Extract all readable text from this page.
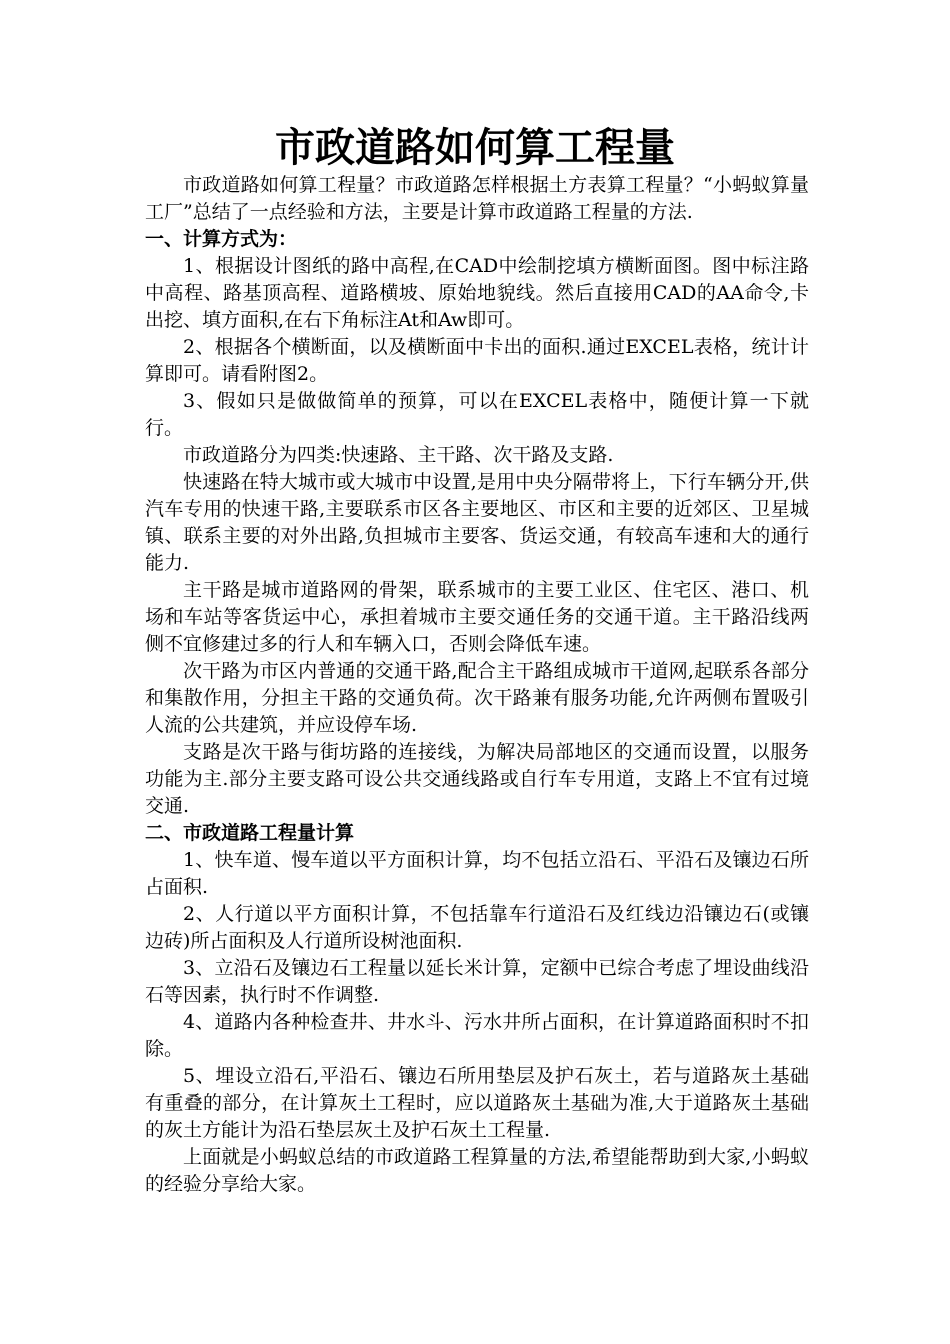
市政道路如何算工程量

市政道路如何算工程量？市政道路怎样根据土方表算工程量？“小蚂蚁算量工厂”总结了一点经验和方法，主要是计算市政道路工程量的方法.

一、计算方式为：

1、根据设计图纸的路中高程,在CAD中绘制挖填方横断面图。图中标注路中高程、路基顶高程、道路横坡、原始地貌线。然后直接用CAD的AA命令,卡出挖、填方面积,在右下角标注At和Aw即可。

2、根据各个横断面，以及横断面中卡出的面积.通过EXCEL表格，统计计算即可。请看附图2。

3、假如只是做做简单的预算，可以在EXCEL表格中，随便计算一下就行。

市政道路分为四类:快速路、主干路、次干路及支路.

快速路在特大城市或大城市中设置,是用中央分隔带将上，下行车辆分开,供汽车专用的快速干路,主要联系市区各主要地区、市区和主要的近郊区、卫星城镇、联系主要的对外出路,负担城市主要客、货运交通，有较高车速和大的通行能力.

主干路是城市道路网的骨架，联系城市的主要工业区、住宅区、港口、机场和车站等客货运中心，承担着城市主要交通任务的交通干道。主干路沿线两侧不宜修建过多的行人和车辆入口，否则会降低车速。

次干路为市区内普通的交通干路,配合主干路组成城市干道网,起联系各部分和集散作用，分担主干路的交通负荷。次干路兼有服务功能,允许两侧布置吸引人流的公共建筑，并应设停车场.

支路是次干路与街坊路的连接线，为解决局部地区的交通而设置，以服务功能为主.部分主要支路可设公共交通线路或自行车专用道，支路上不宜有过境交通.

二、市政道路工程量计算

1、快车道、慢车道以平方面积计算，均不包括立沿石、平沿石及镶边石所占面积.

2、人行道以平方面积计算，不包括靠车行道沿石及红线边沿镶边石(或镶边砖)所占面积及人行道所设树池面积.

3、立沿石及镶边石工程量以延长米计算，定额中已综合考虑了埋设曲线沿石等因素，执行时不作调整.

4、道路内各种检查井、井水斗、污水井所占面积，在计算道路面积时不扣除。

5、埋设立沿石,平沿石、镶边石所用垫层及护石灰土，若与道路灰土基础有重叠的部分，在计算灰土工程时，应以道路灰土基础为准,大于道路灰土基础的灰土方能计为沿石垫层灰土及护石灰土工程量.

上面就是小蚂蚁总结的市政道路工程算量的方法,希望能帮助到大家,小蚂蚁的经验分享给大家。
